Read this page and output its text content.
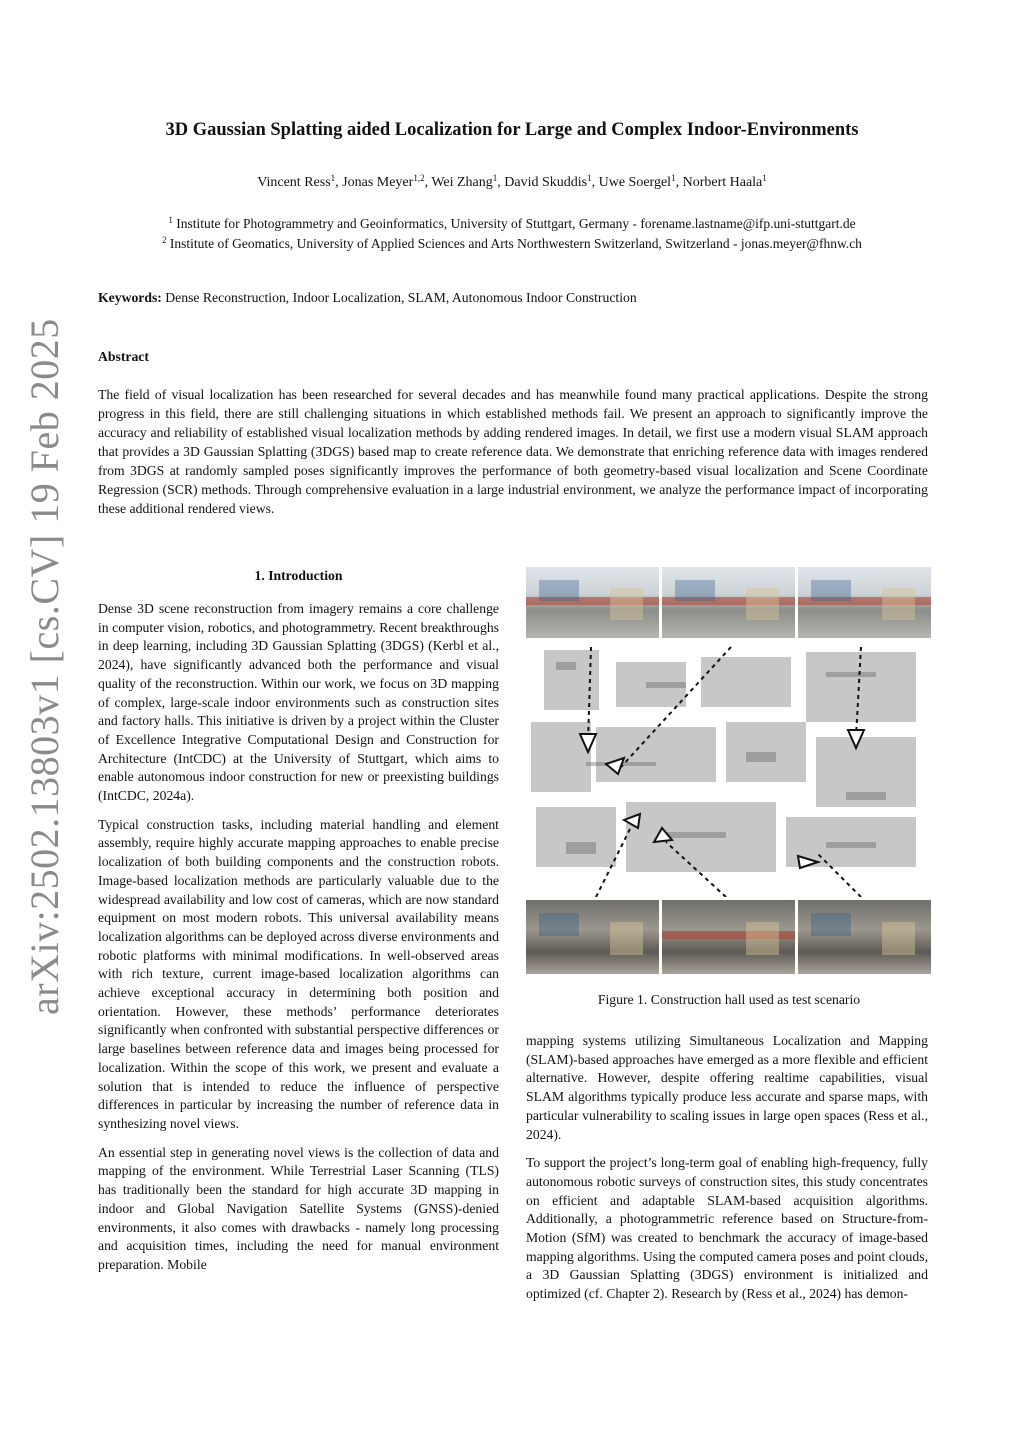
arXiv:2502.13803v1 [cs.CV] 19 Feb 2025
3D Gaussian Splatting aided Localization for Large and Complex Indoor-Environments
Vincent Ress$^1$, Jonas Meyer$^{1,2}$, Wei Zhang$^1$, David Skuddis$^1$, Uwe Soergel$^1$, Norbert Haala$^1$
$^1$ Institute for Photogrammetry and Geoinformatics, University of Stuttgart, Germany - forename.lastname@ifp.uni-stuttgart.de
$^2$ Institute of Geomatics, University of Applied Sciences and Arts Northwestern Switzerland, Switzerland - jonas.meyer@fhnw.ch
Keywords: Dense Reconstruction, Indoor Localization, SLAM, Autonomous Indoor Construction
Abstract

The field of visual localization has been researched for several decades and has meanwhile found many practical applications. Despite the strong progress in this field, there are still challenging situations in which established methods fail. We present an approach to significantly improve the accuracy and reliability of established visual localization methods by adding rendered images. In detail, we first use a modern visual SLAM approach that provides a 3D Gaussian Splatting (3DGS) based map to create reference data. We demonstrate that enriching reference data with images rendered from 3DGS at randomly sampled poses significantly improves the performance of both geometry-based visual localization and Scene Coordinate Regression (SCR) methods. Through comprehensive evaluation in a large industrial environment, we analyze the performance impact of incorporating these additional rendered views.

1. Introduction

Dense 3D scene reconstruction from imagery remains a core challenge in computer vision, robotics, and photogrammetry. Recent breakthroughs in deep learning, including 3D Gaussian Splatting (3DGS) (Kerbl et al., 2024), have significantly advanced both the performance and visual quality of the reconstruction. Within our work, we focus on 3D mapping of complex, large-scale indoor environments such as construction sites and factory halls. This initiative is driven by a project within the Cluster of Excellence Integrative Computational Design and Construction for Architecture (IntCDC) at the University of Stuttgart, which aims to enable autonomous indoor construction for new or preexisting buildings (IntCDC, 2024a).

Typical construction tasks, including material handling and element assembly, require highly accurate mapping approaches to enable precise localization of both building components and the construction robots. Image-based localization methods are particularly valuable due to the widespread availability and low cost of cameras, which are now standard equipment on most modern robots. This universal availability means localization algorithms can be deployed across diverse environments and robotic platforms with minimal modifications. In well-observed areas with rich texture, current image-based localization algorithms can achieve exceptional accuracy in determining both position and orientation. However, these methods’ performance deteriorates significantly when confronted with substantial perspective differences or large baselines between reference data and images being processed for localization. Within the scope of this work, we present and evaluate a solution that is intended to reduce the influence of perspective differences in particular by increasing the number of reference data in synthesizing novel views.

An essential step in generating novel views is the collection of data and mapping of the environment. While Terrestrial Laser Scanning (TLS) has traditionally been the standard for high accurate 3D mapping in indoor and Global Navigation Satellite Systems (GNSS)-denied environments, it also comes with drawbacks - namely long processing and acquisition times, including the need for manual environment preparation. Mobile

Figure 1. Construction hall used as test scenario

mapping systems utilizing Simultaneous Localization and Mapping (SLAM)-based approaches have emerged as a more flexible and efficient alternative. However, despite offering realtime capabilities, visual SLAM algorithms typically produce less accurate and sparse maps, with particular vulnerability to scaling issues in large open spaces (Ress et al., 2024).

To support the project’s long-term goal of enabling high-frequency, fully autonomous robotic surveys of construction sites, this study concentrates on efficient and adaptable SLAM-based acquisition algorithms. Additionally, a photogrammetric reference based on Structure-from-Motion (SfM) was created to benchmark the accuracy of image-based mapping algorithms. Using the computed camera poses and point clouds, a 3D Gaussian Splatting (3DGS) environment is initialized and optimized (cf. Chapter 2). Research by (Ress et al., 2024) has demon-
